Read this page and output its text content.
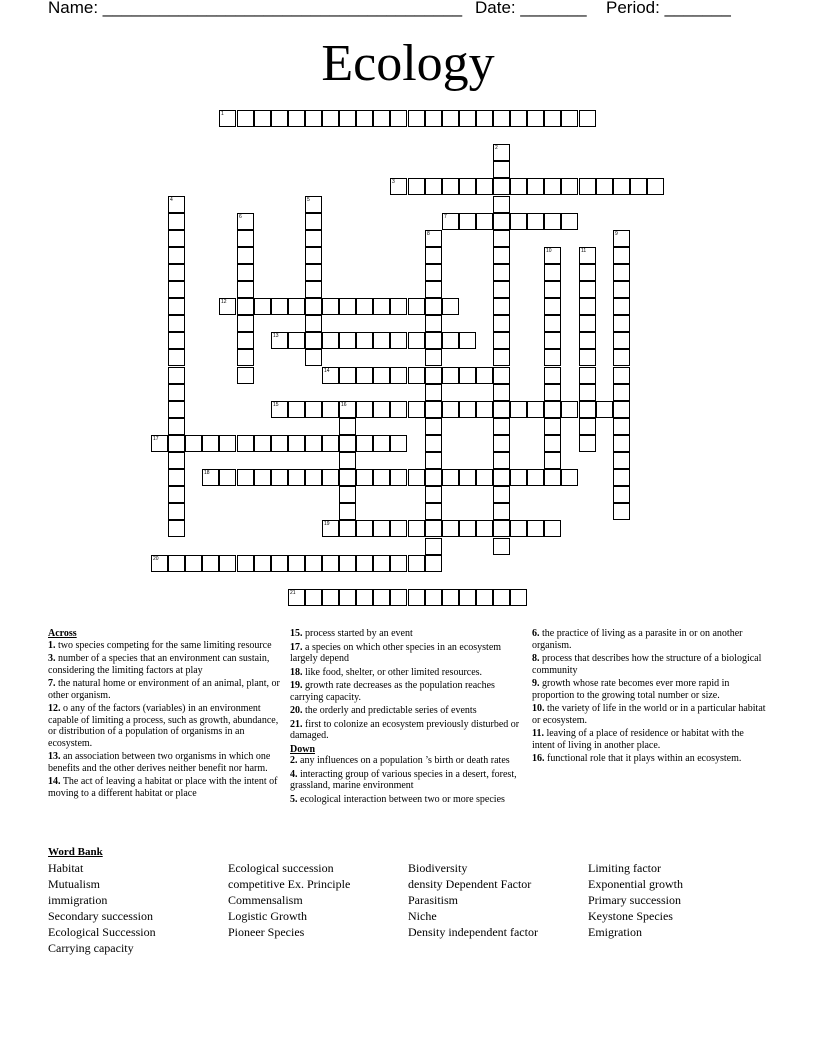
Name: ______________________________________ Date: _______ Period: _______
Ecology
1
2
3
4	5
6	7
8	9
10	11
12
13
14
15	16
17
18
19
20
21
Across
1. two species competing for the same limiting resource
3. number of a species that an environment can sustain, considering the limiting factors at play
7. the natural home or environment of an animal, plant, or other organism.
12. o any of the factors (variables) in an environment capable of limiting a process, such as growth, abundance, or distribution of a population of organisms in an ecosystem.
13. an association between two organisms in which one benefits and the other derives neither benefit nor harm.
14. The act of leaving a habitat or place with the intent of moving to a different habitat or place
15. process started by an event
17. a species on which other species in an ecosystem largely depend
18. like food, shelter, or other limited resources.
19. growth rate decreases as the population reaches carrying capacity.
20. the orderly and predictable series of events
21. first to colonize an ecosystem previously disturbed or damaged.
Down
2. any influences on a population ’s birth or death rates
4. interacting group of various species in a desert, forest, grassland, marine environment
5. ecological interaction between two or more species
6. the practice of living as a parasite in or on another organism.
8. process that describes how the structure of a biological community
9. growth whose rate becomes ever more rapid in proportion to the growing total number or size.
10. the variety of life in the world or in a particular habitat or ecosystem.
11. leaving of a place of residence or habitat with the intent of living in another place.
16. functional role that it plays within an ecosystem.
Word Bank
Habitat
Mutualism
immigration
Secondary succession
Ecological Succession
Carrying capacity
Ecological succession
competitive Ex. Principle
Commensalism
Logistic Growth
Pioneer Species
Biodiversity
density Dependent Factor
Parasitism
Niche
Density independent factor
Limiting factor
Exponential growth
Primary succession
Keystone Species
Emigration
